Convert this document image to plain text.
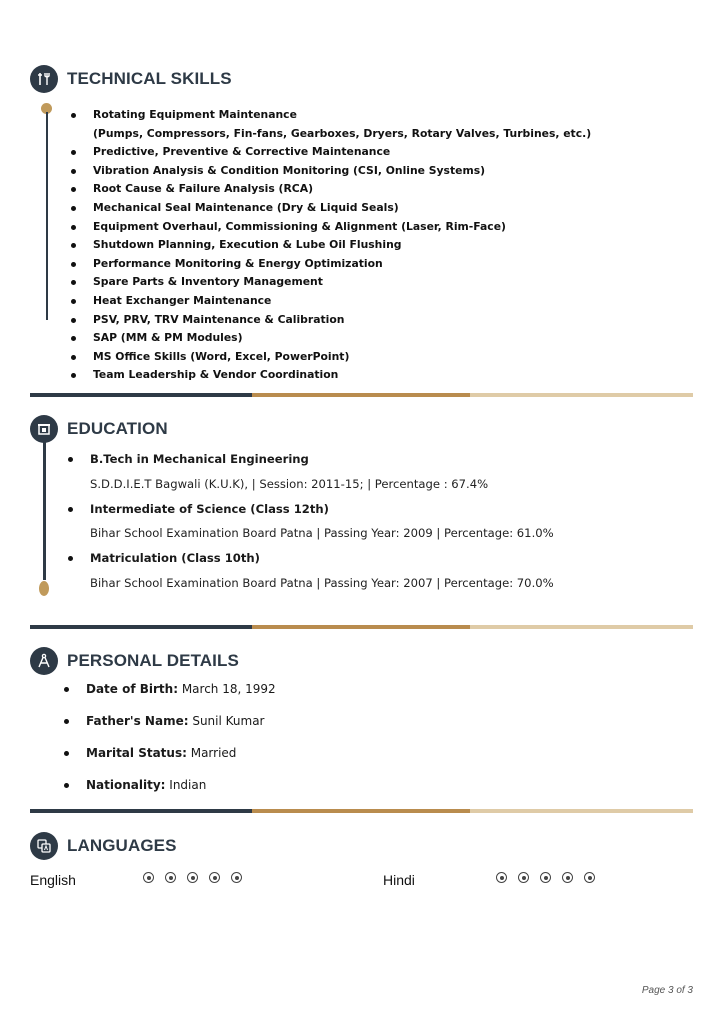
TECHNICAL SKILLS
Rotating Equipment Maintenance
(Pumps, Compressors, Fin-fans, Gearboxes, Dryers, Rotary Valves, Turbines, etc.)
Predictive, Preventive & Corrective Maintenance
Vibration Analysis & Condition Monitoring (CSI, Online Systems)
Root Cause & Failure Analysis (RCA)
Mechanical Seal Maintenance (Dry & Liquid Seals)
Equipment Overhaul, Commissioning & Alignment (Laser, Rim-Face)
Shutdown Planning, Execution & Lube Oil Flushing
Performance Monitoring & Energy Optimization
Spare Parts & Inventory Management
Heat Exchanger Maintenance
PSV, PRV, TRV Maintenance & Calibration
SAP (MM & PM Modules)
MS Office Skills (Word, Excel, PowerPoint)
Team Leadership & Vendor Coordination
EDUCATION
B.Tech in Mechanical Engineering
S.D.D.I.E.T Bagwali (K.U.K), | Session: 2011-15; | Percentage : 67.4%
Intermediate of Science (Class 12th)
Bihar School Examination Board Patna | Passing Year: 2009 | Percentage: 61.0%
Matriculation (Class 10th)
Bihar School Examination Board Patna | Passing Year: 2007 | Percentage: 70.0%
PERSONAL DETAILS
Date of Birth: March 18, 1992
Father's Name: Sunil Kumar
Marital Status: Married
Nationality: Indian
LANGUAGES
English	Hindi
Page 3 of 3
